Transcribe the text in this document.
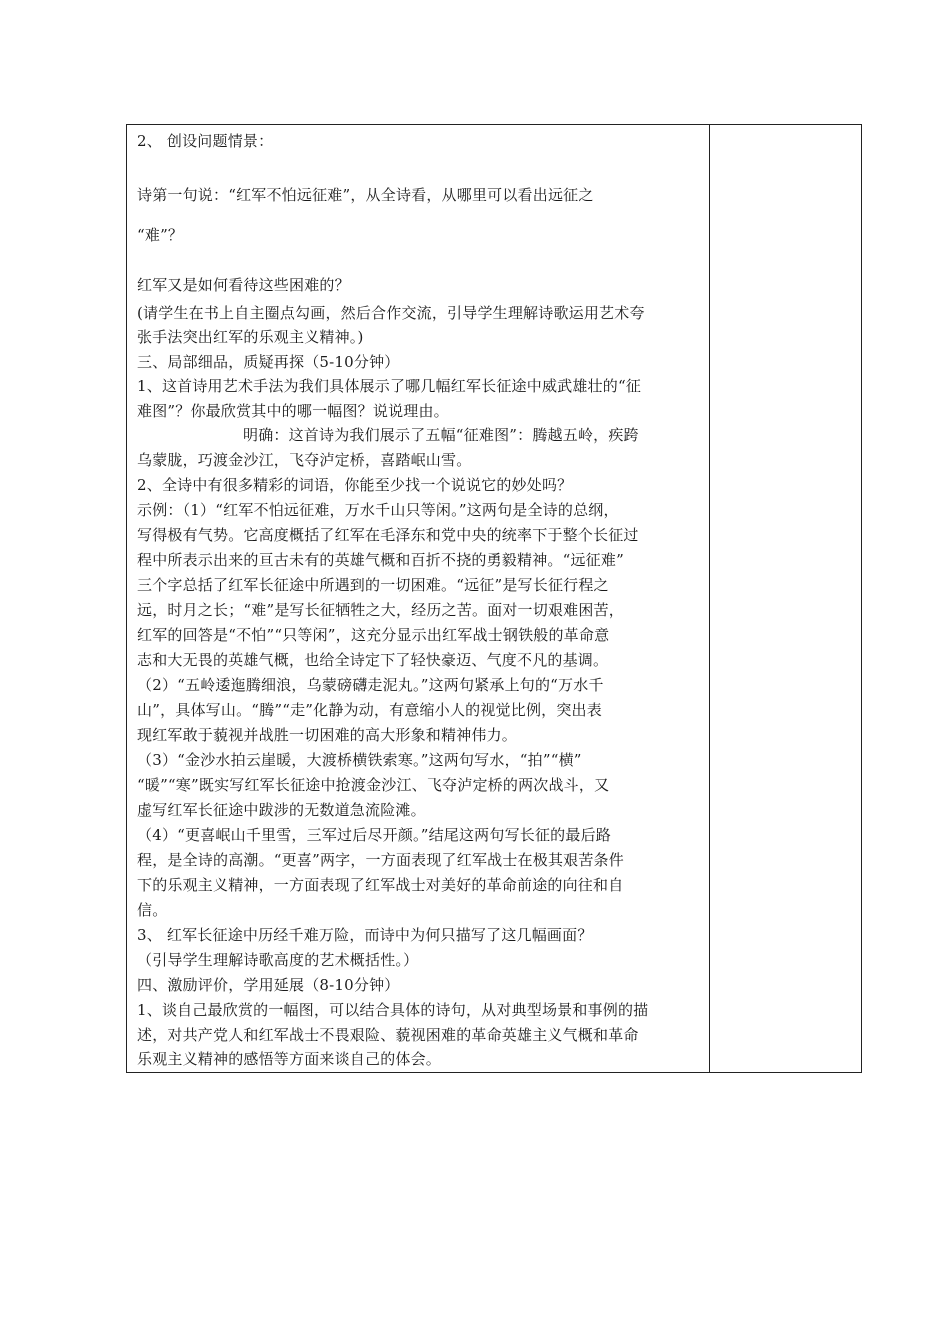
2、 创设问题情景：
诗第一句说：“红军不怕远征难”，从全诗看，从哪里可以看出远征之
“难”？
红军又是如何看待这些困难的？
(请学生在书上自主圈点勾画，然后合作交流，引导学生理解诗歌运用艺术夸
张手法突出红军的乐观主义精神。)
三、局部细品，质疑再探（5-10分钟）
1、这首诗用艺术手法为我们具体展示了哪几幅红军长征途中威武雄壮的“征
难图”？你最欣赏其中的哪一幅图？说说理由。
明确：这首诗为我们展示了五幅“征难图”：腾越五岭，疾跨
乌蒙胧，巧渡金沙江，飞夺泸定桥，喜踏岷山雪。
2、全诗中有很多精彩的词语，你能至少找一个说说它的妙处吗？
示例：（1）“红军不怕远征难，万水千山只等闲。”这两句是全诗的总纲，
写得极有气势。它高度概括了红军在毛泽东和党中央的统率下于整个长征过
程中所表示出来的亘古未有的英雄气概和百折不挠的勇毅精神。“远征难”
三个字总括了红军长征途中所遇到的一切困难。“远征”是写长征行程之
远，时月之长；“难”是写长征牺牲之大，经历之苦。面对一切艰难困苦，
红军的回答是“不怕”“只等闲”，这充分显示出红军战士钢铁般的革命意
志和大无畏的英雄气概，也给全诗定下了轻快豪迈、气度不凡的基调。
（2）“五岭逶迤腾细浪，乌蒙磅礴走泥丸。”这两句紧承上句的“万水千
山”，具体写山。“腾”“走”化静为动，有意缩小人的视觉比例，突出表
现红军敢于藐视并战胜一切困难的高大形象和精神伟力。
（3）“金沙水拍云崖暖，大渡桥横铁索寒。”这两句写水，“拍”“横”
“暖”“寒”既实写红军长征途中抢渡金沙江、飞夺泸定桥的两次战斗，又
虚写红军长征途中跋涉的无数道急流险滩。
（4）“更喜岷山千里雪，三军过后尽开颜。”结尾这两句写长征的最后路
程，是全诗的高潮。“更喜”两字，一方面表现了红军战士在极其艰苦条件
下的乐观主义精神，一方面表现了红军战士对美好的革命前途的向往和自
信。
3、 红军长征途中历经千难万险，而诗中为何只描写了这几幅画面？
（引导学生理解诗歌高度的艺术概括性。）
四、激励评价，学用延展（8-10分钟）
1、谈自己最欣赏的一幅图，可以结合具体的诗句，从对典型场景和事例的描
述，对共产党人和红军战士不畏艰险、藐视困难的革命英雄主义气概和革命
乐观主义精神的感悟等方面来谈自己的体会。
